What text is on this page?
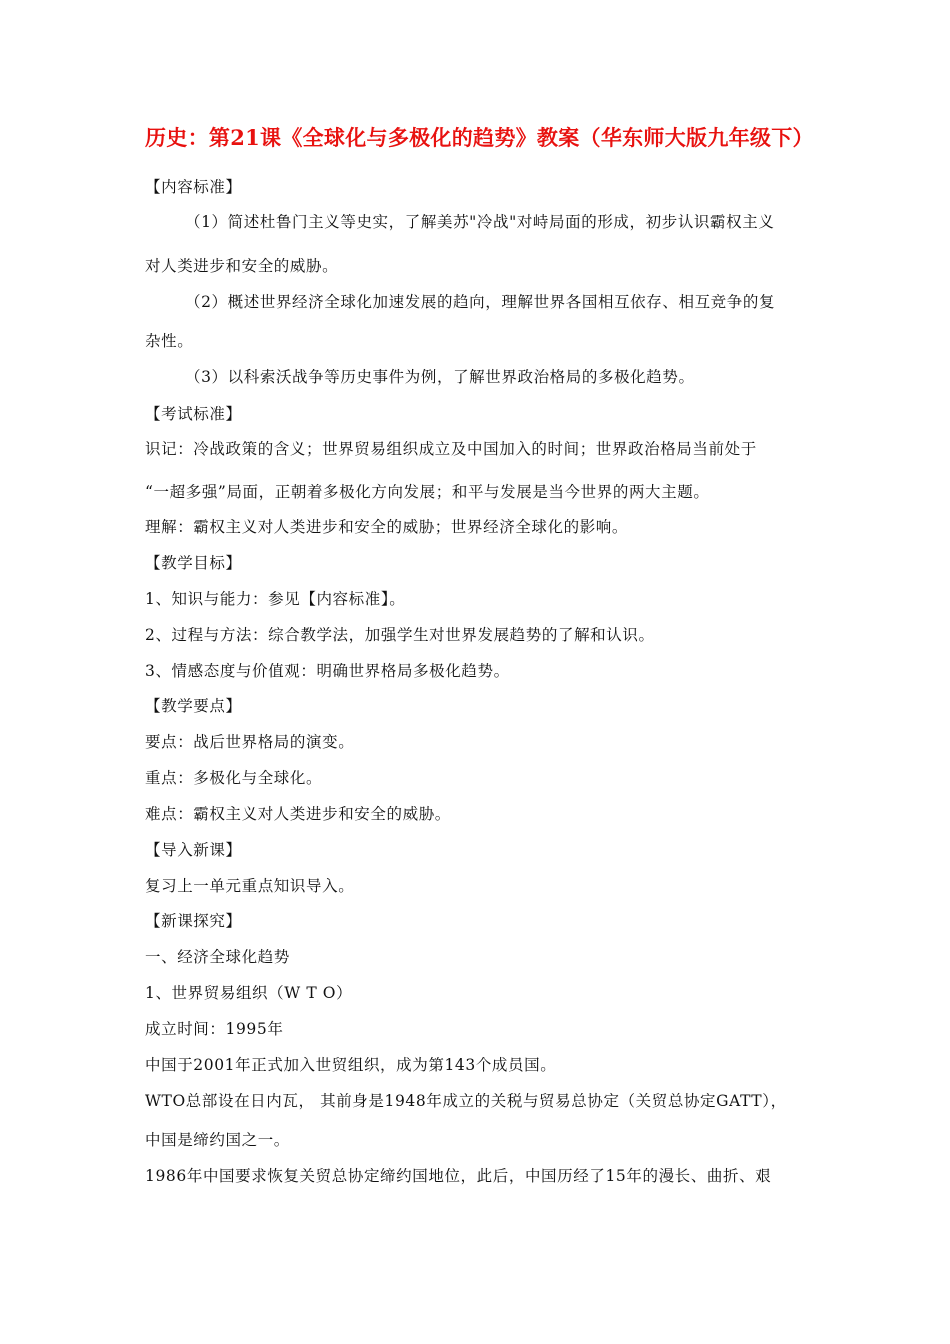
历史：第21课《全球化与多极化的趋势》教案（华东师大版九年级下）
【内容标准】
（1）简述杜鲁门主义等史实，了解美苏"冷战"对峙局面的形成，初步认识霸权主义
对人类进步和安全的威胁。
（2）概述世界经济全球化加速发展的趋向，理解世界各国相互依存、相互竞争的复
杂性。
（3）以科索沃战争等历史事件为例，了解世界政治格局的多极化趋势。
【考试标准】
识记：冷战政策的含义；世界贸易组织成立及中国加入的时间；世界政治格局当前处于
“一超多强”局面，正朝着多极化方向发展；和平与发展是当今世界的两大主题。
理解：霸权主义对人类进步和安全的威胁；世界经济全球化的影响。
【教学目标】
1、知识与能力：参见【内容标准】。
2、过程与方法：综合教学法，加强学生对世界发展趋势的了解和认识。
3、情感态度与价值观：明确世界格局多极化趋势。
【教学要点】
要点：战后世界格局的演变。
重点：多极化与全球化。
难点：霸权主义对人类进步和安全的威胁。
【导入新课】
复习上一单元重点知识导入。
【新课探究】
一、经济全球化趋势
1、世界贸易组织（W T O）
成立时间：1995年
中国于2001年正式加入世贸组织，成为第143个成员国。
WTO总部设在日内瓦， 其前身是1948年成立的关税与贸易总协定（关贸总协定GATT），
中国是缔约国之一。
1986年中国要求恢复关贸总协定缔约国地位，此后，中国历经了15年的漫长、曲折、艰
